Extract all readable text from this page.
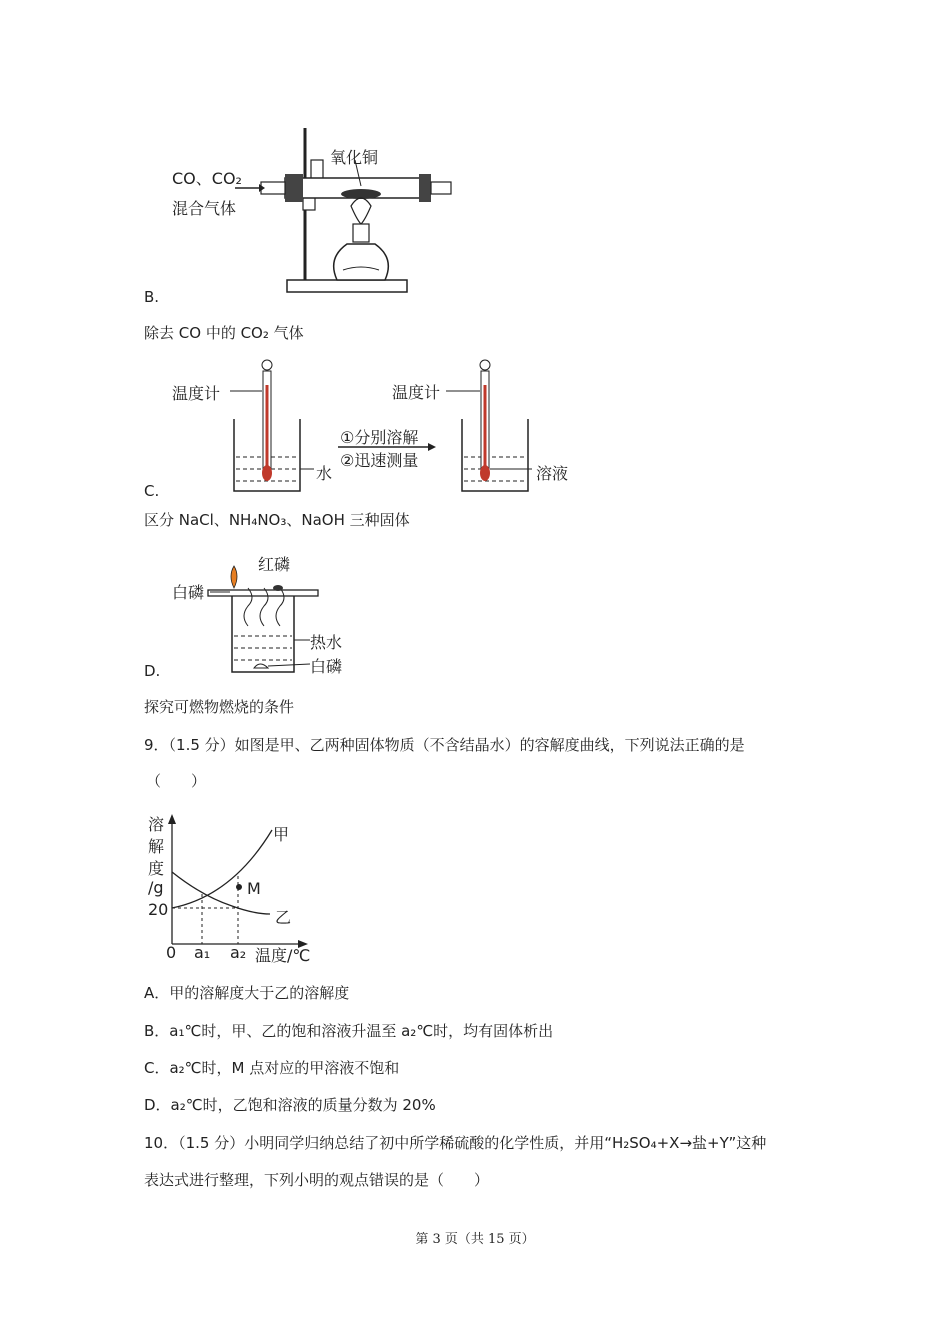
CO、CO₂
混合气体
氧化铜
B.
除去 CO 中的 CO₂ 气体
温度计	温度计
①分别溶解
②迅速测量
水	溶液
C.
区分 NaCl、NH₄NO₃、NaOH 三种固体
红磷
白磷
热水
白磷
D.
探究可燃物燃烧的条件
9．（1.5 分）如图是甲、乙两种固体物质（不含结晶水）的容解度曲线，下列说法正确的是
（　　）
溶
解
度
/g
20
0 a₁ a₂ 温度/℃
甲
乙
M
A．甲的溶解度大于乙的溶解度
B．a₁℃时，甲、乙的饱和溶液升温至 a₂℃时，均有固体析出
C．a₂℃时，M 点对应的甲溶液不饱和
D．a₂℃时，乙饱和溶液的质量分数为 20%
10．（1.5 分）小明同学归纳总结了初中所学稀硫酸的化学性质，并用“H₂SO₄+X→盐+Y”这种
表达式进行整理，下列小明的观点错误的是（　　）
第 3 页（共 15 页）
